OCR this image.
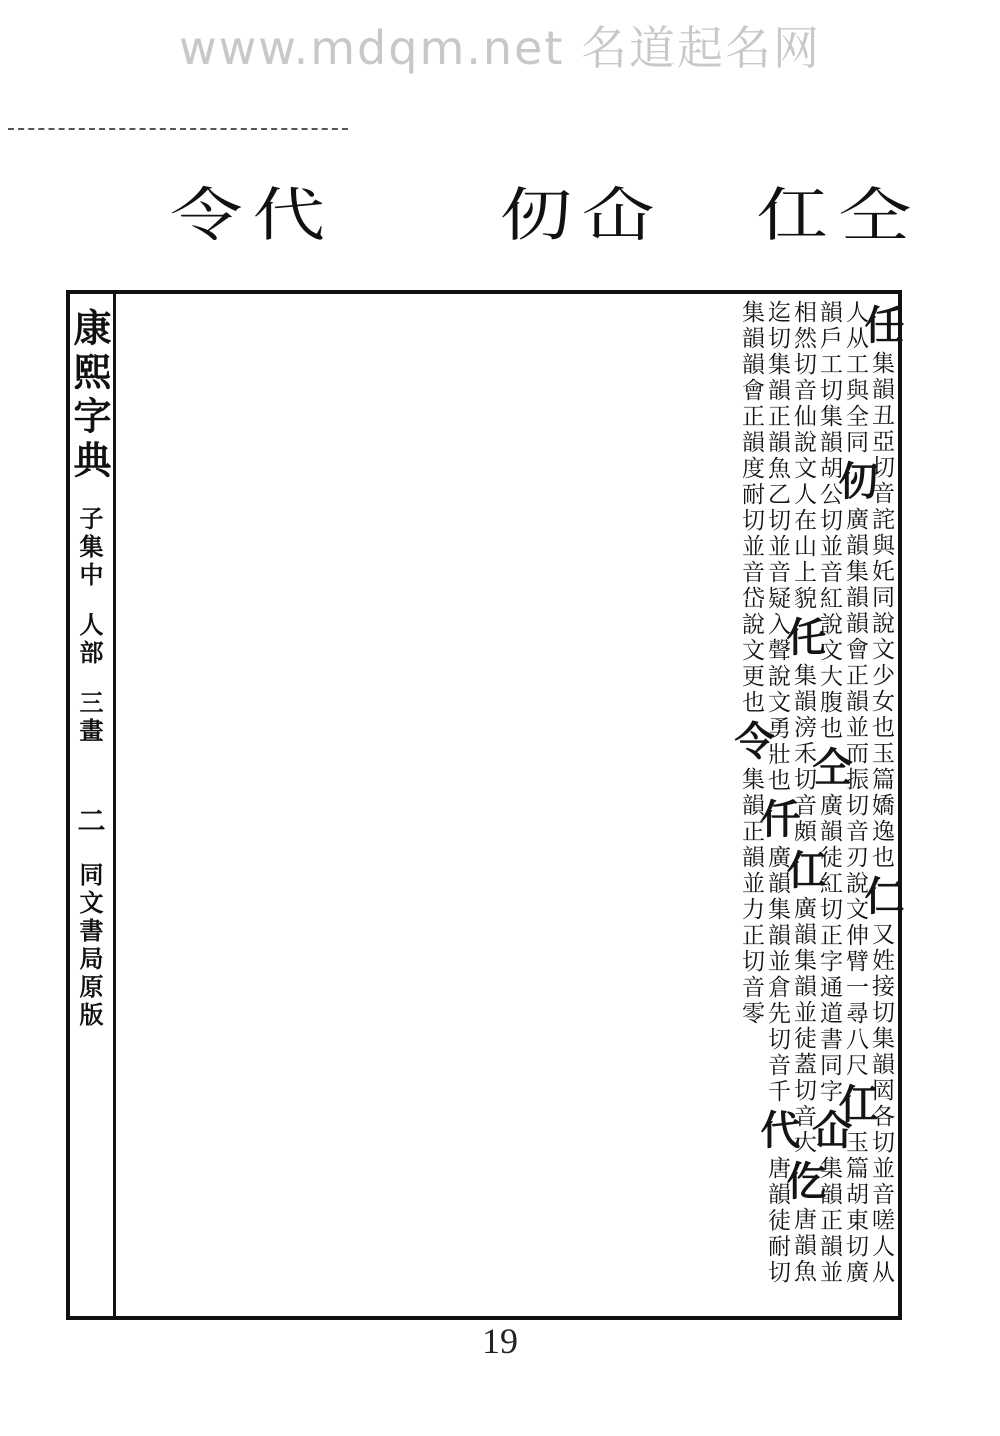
www.mdqm.net 名道起名网
令代	仞仚 仜仝
康熙字典
子集中
人部
三畫
二
同文書局原版
任集韻丑亞切音詫與奼同說文少女也玉篇嬌逸也仁又姓接切集韻㒺各切並音嗟人从人从工與全同仞廣韻集韻韻會正韻並而振切音刃說文伸臂一尋八尺仜玉篇胡東切廣韻戶工切集韻胡公切並音紅說文大腹也仝廣韻徒紅切正字通道書同字仚集韻正韻並相然切音仙說文人在山上貌仛集韻滂禾切音頗仜廣韻集韻並徒蓋切音大仡唐韻魚迄切集韻正韻魚乙切並音疑入聲說文勇壯也仟廣韻集韻並倉先切音千代唐韻徒耐切集韻韻會正韻度耐切並音岱說文更也令集韻正韻並力正切音零
19
